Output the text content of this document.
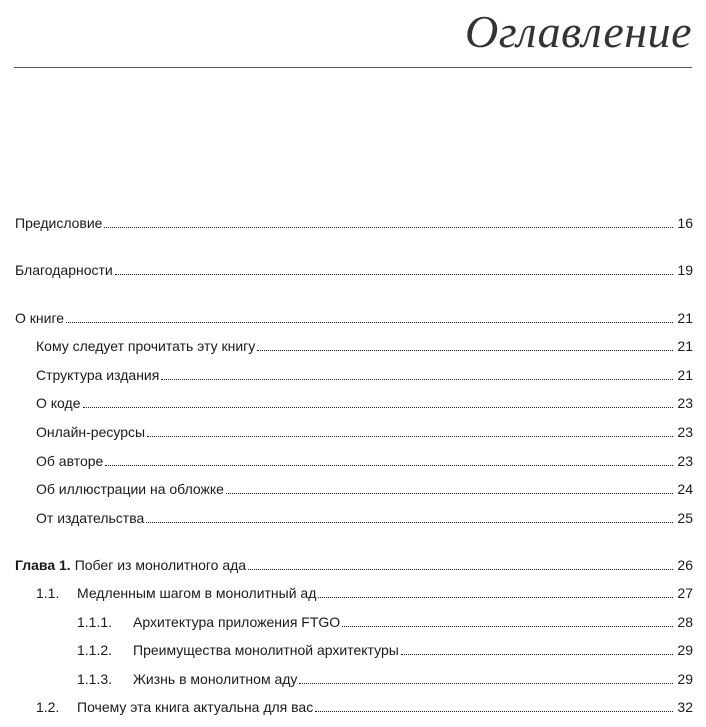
Оглавление
Предисловие	16
Благодарности	19
О книге	21
Кому следует прочитать эту книгу	21
Структура издания	21
О коде	23
Онлайн-ресурсы	23
Об авторе	23
Об иллюстрации на обложке	24
От издательства	25
Глава 1. Побег из монолитного ада	26
1.1.	Медленным шагом в монолитный ад	27
1.1.1.	Архитектура приложения FTGO	28
1.1.2.	Преимущества монолитной архитектуры	29
1.1.3.	Жизнь в монолитном аду	29
1.2.	Почему эта книга актуальна для вас	32
